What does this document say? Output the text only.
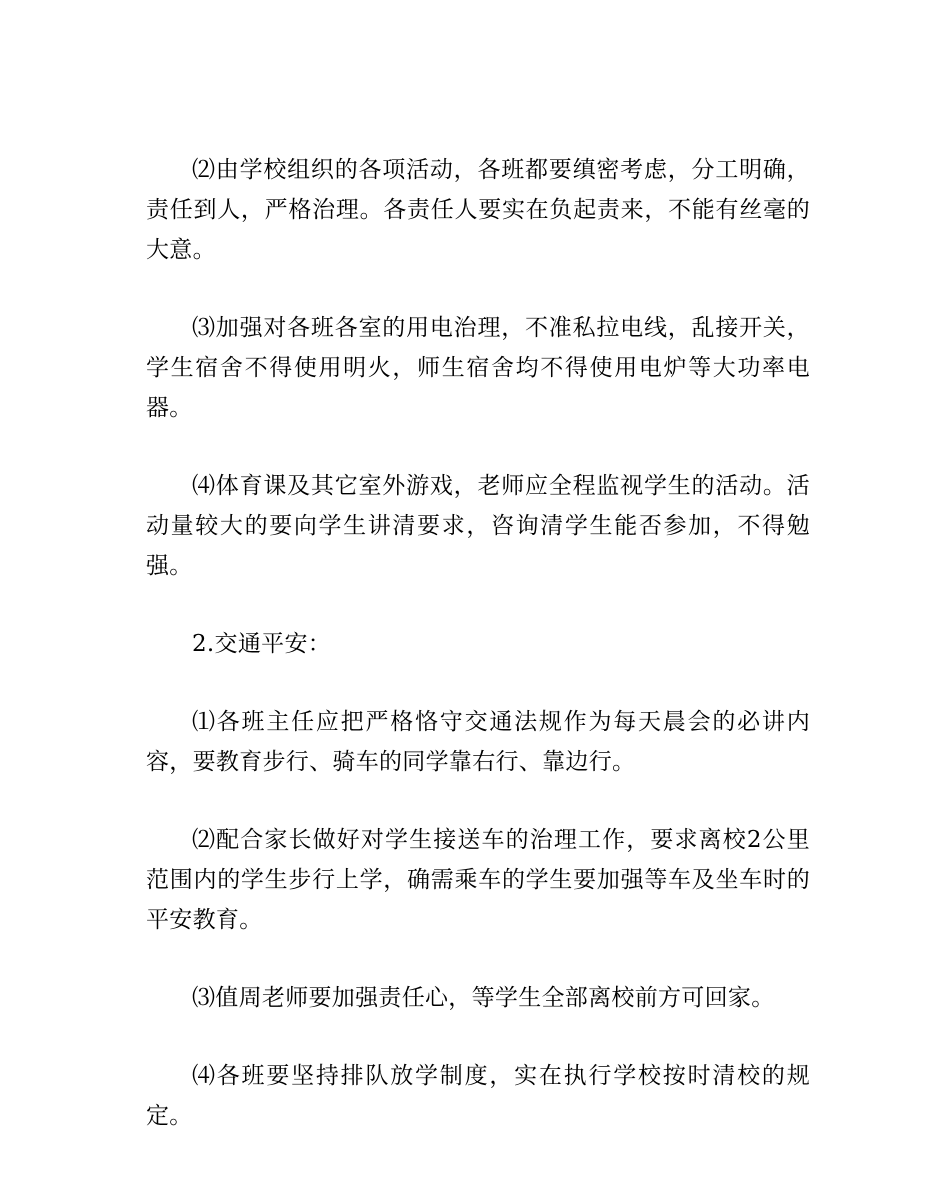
⑵由学校组织的各项活动，各班都要缜密考虑，分工明确，责任到人，严格治理。各责任人要实在负起责来，不能有丝毫的大意。

⑶加强对各班各室的用电治理，不准私拉电线，乱接开关，学生宿舍不得使用明火，师生宿舍均不得使用电炉等大功率电器。

⑷体育课及其它室外游戏，老师应全程监视学生的活动。活动量较大的要向学生讲清要求，咨询清学生能否参加，不得勉强。

2.交通平安：

⑴各班主任应把严格恪守交通法规作为每天晨会的必讲内容，要教育步行、骑车的同学靠右行、靠边行。

⑵配合家长做好对学生接送车的治理工作，要求离校2公里范围内的学生步行上学，确需乘车的学生要加强等车及坐车时的平安教育。

⑶值周老师要加强责任心，等学生全部离校前方可回家。

⑷各班要坚持排队放学制度，实在执行学校按时清校的规定。
